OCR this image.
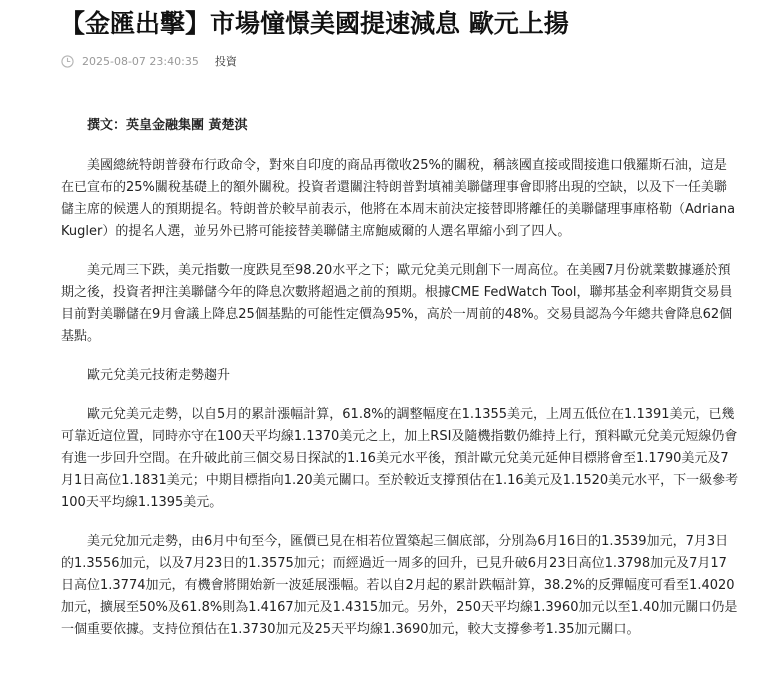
【金匯出擊】市場憧憬美國提速減息 歐元上揚
2025-08-07 23:40:35 投資

撰文：英皇金融集團 黃楚淇

美國總統特朗普發布行政命令，對來自印度的商品再徵收25%的關稅，稱該國直接或間接進口俄羅斯石油，這是在已宣布的25%關稅基礎上的額外關稅。投資者還關注特朗普對填補美聯儲理事會即將出現的空缺，以及下一任美聯儲主席的候選人的預期提名。特朗普於較早前表示，他將在本周末前決定接替即將離任的美聯儲理事庫格勒（Adriana Kugler）的提名人選，並另外已將可能接替美聯儲主席鮑威爾的人選名單縮小到了四人。

美元周三下跌，美元指數一度跌見至98.20水平之下；歐元兌美元則創下一周高位。在美國7月份就業數據遜於預期之後，投資者押注美聯儲今年的降息次數將超過之前的預期。根據CME FedWatch Tool，聯邦基金利率期貨交易員目前對美聯儲在9月會議上降息25個基點的可能性定價為95%，高於一周前的48%。交易員認為今年總共會降息62個基點。

歐元兌美元技術走勢趨升

歐元兌美元走勢，以自5月的累計漲幅計算，61.8%的調整幅度在1.1355美元，上周五低位在1.1391美元，已幾可靠近這位置，同時亦守在100天平均線1.1370美元之上，加上RSI及隨機指數仍維持上行，預料歐元兌美元短線仍會有進一步回升空間。在升破此前三個交易日探試的1.16美元水平後，預計歐元兌美元延伸目標將會至1.1790美元及7月1日高位1.1831美元；中期目標指向1.20美元關口。至於較近支撐預估在1.16美元及1.1520美元水平，下一級參考100天平均線1.1395美元。

美元兌加元走勢，由6月中旬至今，匯價已見在相若位置築起三個底部，分別為6月16日的1.3539加元，7月3日的1.3556加元，以及7月23日的1.3575加元；而經過近一周多的回升，已見升破6月23日高位1.3798加元及7月17日高位1.3774加元，有機會將開始新一波延展漲幅。若以自2月起的累計跌幅計算，38.2%的反彈幅度可看至1.4020加元，擴展至50%及61.8%則為1.4167加元及1.4315加元。另外，250天平均線1.3960加元以至1.40加元關口仍是一個重要依據。支持位預估在1.3730加元及25天平均線1.3690加元，較大支撐參考1.35加元關口。
